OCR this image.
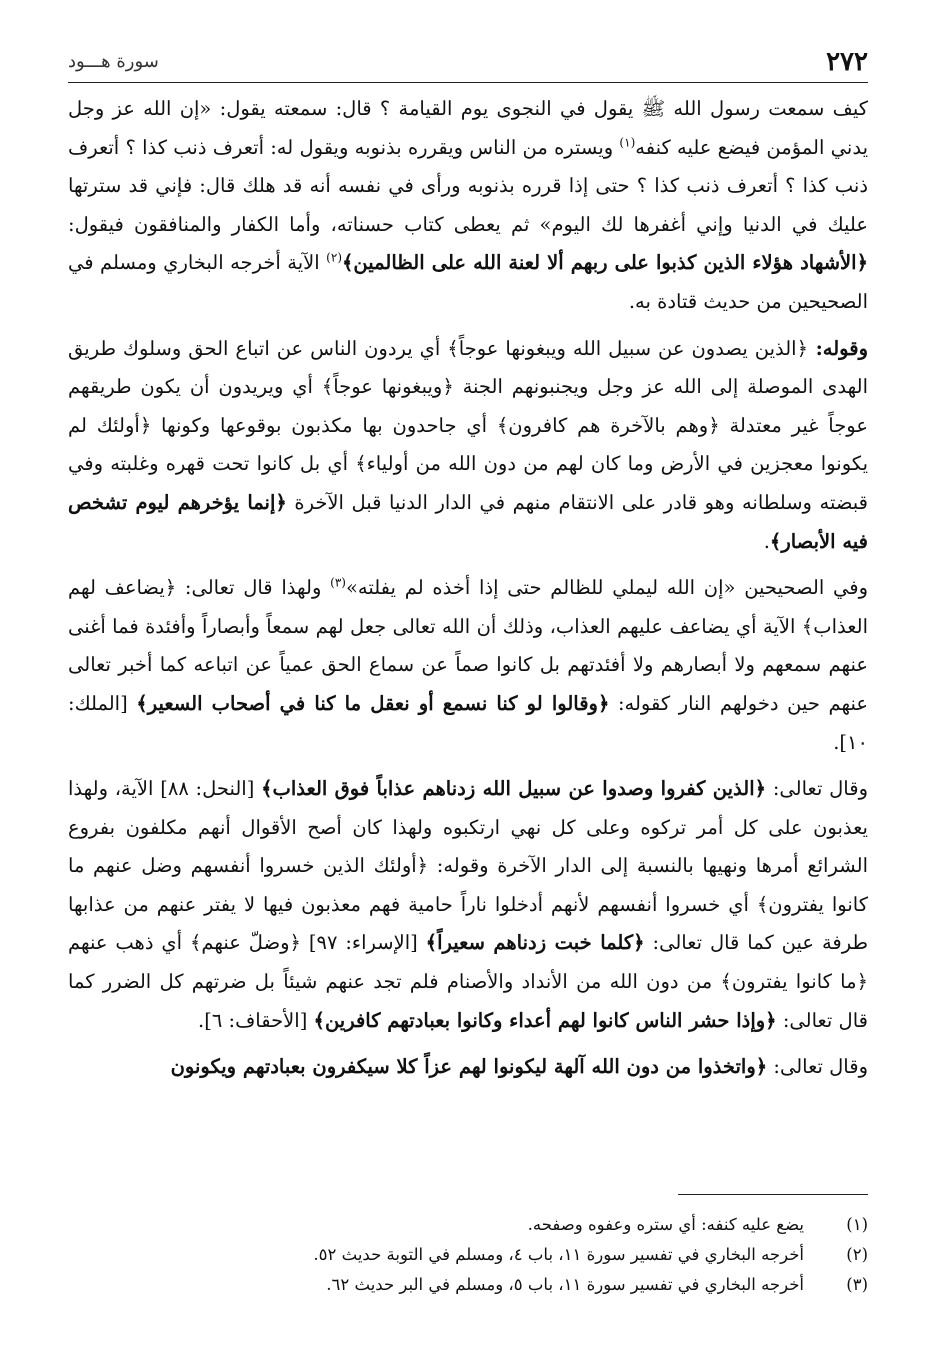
٢٧٢
سورة هـــود

كيف سمعت رسول الله ﷺ يقول في النجوى يوم القيامة ؟ قال: سمعته يقول: «إن الله عز وجل يدني المؤمن فيضع عليه كنفه$^{(١)}$ ويستره من الناس ويقرره بذنوبه ويقول له: أتعرف ذنب كذا ؟ أتعرف ذنب كذا ؟ أتعرف ذنب كذا ؟ حتى إذا قرره بذنوبه ورأى في نفسه أنه قد هلك قال: فإني قد سترتها عليك في الدنيا وإني أغفرها لك اليوم» ثم يعطى كتاب حسناته، وأما الكفار والمنافقون فيقول: ﴿الأشهاد هؤلاء الذين كذبوا على ربهم ألا لعنة الله على الظالمين﴾$^{(٢)}$ الآية أخرجه البخاري ومسلم في الصحيحين من حديث قتادة به.

وقوله: ﴿الذين يصدون عن سبيل الله ويبغونها عوجاً﴾ أي يردون الناس عن اتباع الحق وسلوك طريق الهدى الموصلة إلى الله عز وجل ويجنبونهم الجنة ﴿ويبغونها عوجاً﴾ أي ويريدون أن يكون طريقهم عوجاً غير معتدلة ﴿وهم بالآخرة هم كافرون﴾ أي جاحدون بها مكذبون بوقوعها وكونها ﴿أولئك لم يكونوا معجزين في الأرض وما كان لهم من دون الله من أولياء﴾ أي بل كانوا تحت قهره وغلبته وفي قبضته وسلطانه وهو قادر على الانتقام منهم في الدار الدنيا قبل الآخرة ﴿إنما يؤخرهم ليوم تشخص فيه الأبصار﴾.

وفي الصحيحين «إن الله ليملي للظالم حتى إذا أخذه لم يفلته»$^{(٣)}$ ولهذا قال تعالى: ﴿يضاعف لهم العذاب﴾ الآية أي يضاعف عليهم العذاب، وذلك أن الله تعالى جعل لهم سمعاً وأبصاراً وأفئدة فما أغنى عنهم سمعهم ولا أبصارهم ولا أفئدتهم بل كانوا صماً عن سماع الحق عمياً عن اتباعه كما أخبر تعالى عنهم حين دخولهم النار كقوله: ﴿وقالوا لو كنا نسمع أو نعقل ما كنا في أصحاب السعير﴾ [الملك: ١٠].

وقال تعالى: ﴿الذين كفروا وصدوا عن سبيل الله زدناهم عذاباً فوق العذاب﴾ [النحل: ٨٨] الآية، ولهذا يعذبون على كل أمر تركوه وعلى كل نهي ارتكبوه ولهذا كان أصح الأقوال أنهم مكلفون بفروع الشرائع أمرها ونهيها بالنسبة إلى الدار الآخرة وقوله: ﴿أولئك الذين خسروا أنفسهم وضل عنهم ما كانوا يفترون﴾ أي خسروا أنفسهم لأنهم أدخلوا ناراً حامية فهم معذبون فيها لا يفتر عنهم من عذابها طرفة عين كما قال تعالى: ﴿كلما خبت زدناهم سعيراً﴾ [الإسراء: ٩٧] ﴿وضلّ عنهم﴾ أي ذهب عنهم ﴿ما كانوا يفترون﴾ من دون الله من الأنداد والأصنام فلم تجد عنهم شيئاً بل ضرتهم كل الضرر كما قال تعالى: ﴿وإذا حشر الناس كانوا لهم أعداء وكانوا بعبادتهم كافرين﴾ [الأحقاف: ٦].

وقال تعالى: ﴿واتخذوا من دون الله آلهة ليكونوا لهم عزاً كلا سيكفرون بعبادتهم ويكونون

(١)
يضع عليه كنفه: أي ستره وعفوه وصفحه.
(٢)
أخرجه البخاري في تفسير سورة ١١، باب ٤، ومسلم في التوبة حديث ٥٢.
(٣)
أخرجه البخاري في تفسير سورة ١١، باب ٥، ومسلم في البر حديث ٦٢.
